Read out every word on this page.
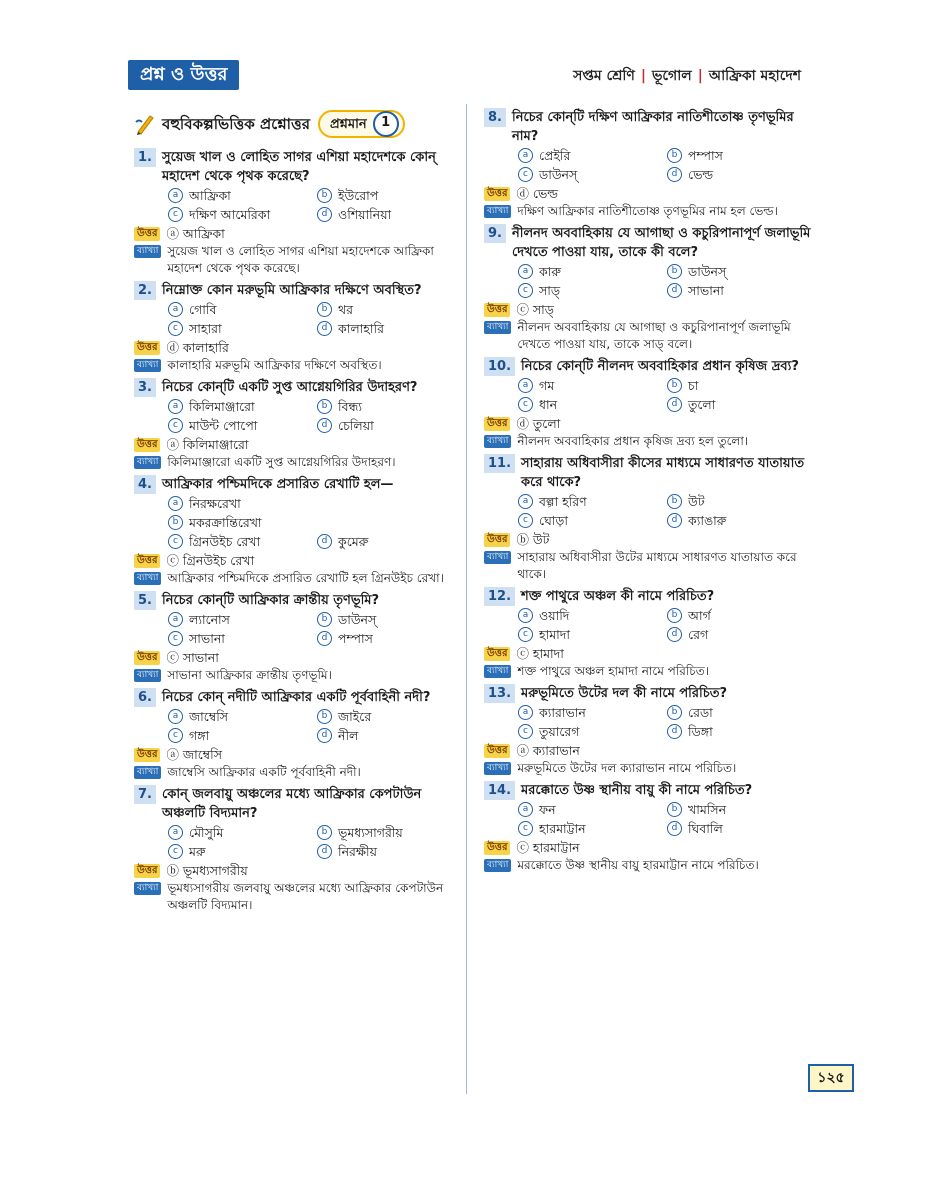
প্রশ্ন ও উত্তর	সপ্তম শ্রেণি | ভূগোল | আফ্রিকা মহাদেশ
বহুবিকল্পভিত্তিক প্রশ্নোত্তর প্রশ্নমান	1
1. সুয়েজ খাল ও লোহিত সাগর এশিয়া মহাদেশকে কোন্ মহাদেশ থেকে পৃথক করেছে?
a আফ্রিকা	b ইউরোপ
c দক্ষিণ আমেরিকা	d ওশিয়ানিয়া
উত্তর ⓐ আফ্রিকা
ব্যাখ্যা সুয়েজ খাল ও লোহিত সাগর এশিয়া মহাদেশকে আফ্রিকা মহাদেশ থেকে পৃথক করেছে।
2. নিম্নোক্ত কোন মরুভূমি আফ্রিকার দক্ষিণে অবস্থিত?
a গোবি	b থর
c সাহারা	d কালাহারি
উত্তর ⓓ কালাহারি
ব্যাখ্যা কালাহারি মরুভূমি আফ্রিকার দক্ষিণে অবস্থিত।
3. নিচের কোন্‌টি একটি সুপ্ত আগ্নেয়গিরির উদাহরণ?
a কিলিমাঞ্জারো	b বিন্ধ্য
c মাউন্ট পোপো	d চেলিয়া
উত্তর ⓐ কিলিমাঞ্জারো
ব্যাখ্যা কিলিমাঞ্জারো একটি সুপ্ত আগ্নেয়গিরির উদাহরণ।
4. আফ্রিকার পশ্চিমদিকে প্রসারিত রেখাটি হল—
a নিরক্ষরেখা
b মকরক্রান্তিরেখা
c গ্রিনউইচ রেখা	d কুমেরু
উত্তর ⓒ গ্রিনউইচ রেখা
ব্যাখ্যা আফ্রিকার পশ্চিমদিকে প্রসারিত রেখাটি হল গ্রিনউইচ রেখা।
5. নিচের কোন্‌টি আফ্রিকার ক্রান্তীয় তৃণভূমি?
a ল্যানোস	b ডাউনস্
c সাভানা	d পম্পাস
উত্তর ⓒ সাভানা
ব্যাখ্যা সাভানা আফ্রিকার ক্রান্তীয় তৃণভূমি।
6. নিচের কোন্ নদীটি আফ্রিকার একটি পূর্ববাহিনী নদী?
a জাম্বেসি	b জাইরে
c গঙ্গা	d নীল
উত্তর ⓐ জাম্বেসি
ব্যাখ্যা জাম্বেসি আফ্রিকার একটি পূর্ববাহিনী নদী।
7. কোন্ জলবায়ু অঞ্চলের মধ্যে আফ্রিকার কেপটাউন অঞ্চলটি বিদ্যমান?
a মৌসুমি	b ভূমধ্যসাগরীয়
c মরু	d নিরক্ষীয়
উত্তর ⓑ ভূমধ্যসাগরীয়
ব্যাখ্যা ভূমধ্যসাগরীয় জলবায়ু অঞ্চলের মধ্যে আফ্রিকার কেপটাউন অঞ্চলটি বিদ্যমান।
8. নিচের কোন্‌টি দক্ষিণ আফ্রিকার নাতিশীতোষ্ণ তৃণভূমির নাম?
a প্রেইরি	b পম্পাস
c ডাউনস্	d ভেল্ড
উত্তর ⓓ ভেল্ড
ব্যাখ্যা দক্ষিণ আফ্রিকার নাতিশীতোষ্ণ তৃণভূমির নাম হল ভেল্ড।
9. নীলনদ অববাহিকায় যে আগাছা ও কচুরিপানাপূর্ণ জলাভূমি দেখতে পাওয়া যায়, তাকে কী বলে?
a কারু	b ডাউনস্
c সাড্	d সাভানা
উত্তর ⓒ সাড্
ব্যাখ্যা নীলনদ অববাহিকায় যে আগাছা ও কচুরিপানাপূর্ণ জলাভূমি দেখতে পাওয়া যায়, তাকে সাড্ বলে।
10. নিচের কোন্‌টি নীলনদ অববাহিকার প্রধান কৃষিজ দ্রব্য?
a গম	b চা
c ধান	d তুলো
উত্তর ⓓ তুলো
ব্যাখ্যা নীলনদ অববাহিকার প্রধান কৃষিজ দ্রব্য হল তুলো।
11. সাহারায় অধিবাসীরা কীসের মাধ্যমে সাধারণত যাতায়াত করে থাকে?
a বল্গা হরিণ	b উট
c ঘোড়া	d ক্যাঙারু
উত্তর ⓑ উট
ব্যাখ্যা সাহারায় অধিবাসীরা উটের মাধ্যমে সাধারণত যাতায়াত করে থাকে।
12. শক্ত পাথুরে অঞ্চল কী নামে পরিচিত?
a ওয়াদি	b আর্গ
c হামাদা	d রেগ
উত্তর ⓒ হামাদা
ব্যাখ্যা শক্ত পাথুরে অঞ্চল হামাদা নামে পরিচিত।
13. মরুভূমিতে উটের দল কী নামে পরিচিত?
a ক্যারাভান	b রেডা
c তুয়ারেগ	d ডিঙ্গা
উত্তর ⓐ ক্যারাভান
ব্যাখ্যা মরুভূমিতে উটের দল ক্যারাভান নামে পরিচিত।
14. মরক্কোতে উষ্ণ স্থানীয় বায়ু কী নামে পরিচিত?
a ফন	b খামসিন
c হারমাট্টান	d ঘিবালি
উত্তর ⓒ হারমাট্টান
ব্যাখ্যা মরক্কোতে উষ্ণ স্থানীয় বায়ু হারমাট্টান নামে পরিচিত।
১২৫
